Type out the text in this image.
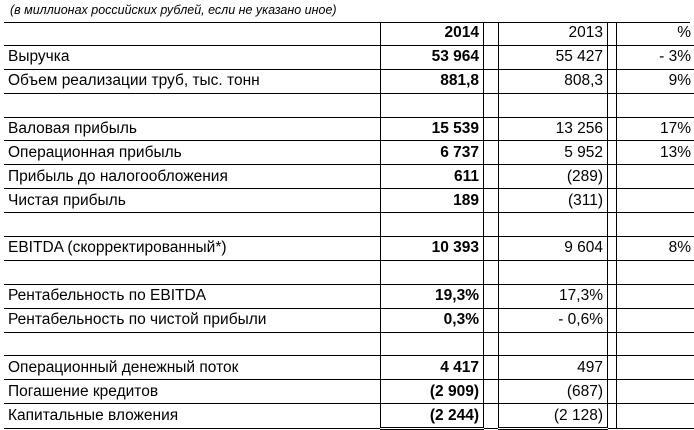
(в миллионах российских рублей, если не указано иное)
	2014		2013		%
Выручка	53 964		55 427		- 3%
Объем реализации труб, тыс. тонн	881,8		808,3		9%

Валовая прибыль	15 539		13 256		17%
Операционная прибыль	6 737		5 952		13%
Прибыль до налогообложения	611		(289)		
Чистая прибыль	189		(311)		

EBITDA (скорректированный*)	10 393		9 604		8%

Рентабельность по EBITDA	19,3%		17,3%		
Рентабельность по чистой прибыли	0,3%		- 0,6%		

Операционный денежный поток	4 417		497		
Погашение кредитов	(2 909)		(687)		
Капитальные вложения	(2 244)		(2 128)		
